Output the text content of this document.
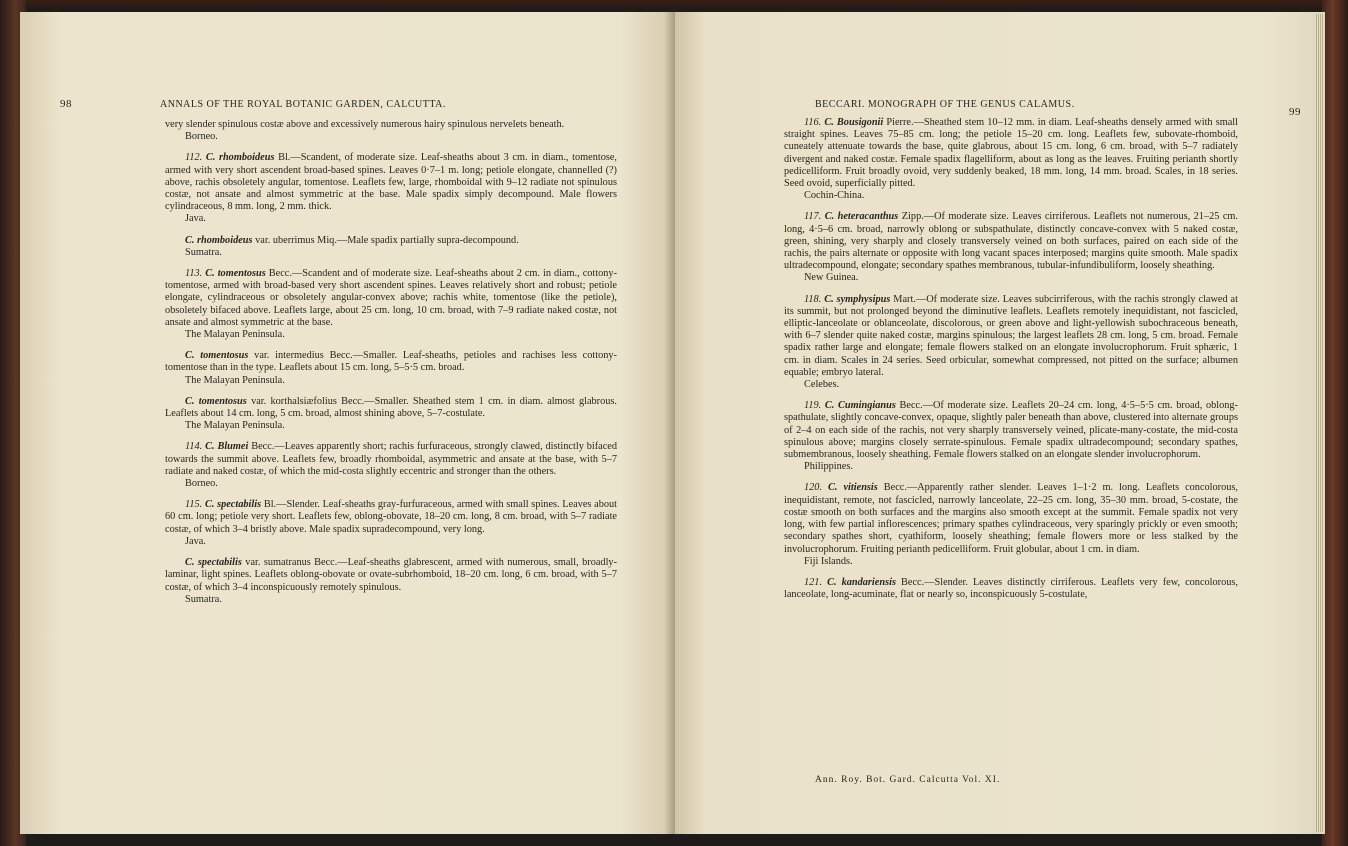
98	ANNALS OF THE ROYAL BOTANIC GARDEN, CALCUTTA.

very slender spinulous costæ above and excessively numerous hairy spinulous nervelets beneath.

Borneo.

112. C. rhomboideus Bl.—Scandent, of moderate size. Leaf-sheaths about 3 cm. in diam., tomentose, armed with very short ascendent broad-based spines. Leaves 0·7–1 m. long; petiole elongate, channelled (?) above, rachis obsoletely angular, tomentose. Leaflets few, large, rhomboidal with 9–12 radiate not spinulous costæ, not ansate and almost symmetric at the base. Male spadix simply decompound. Male flowers cylindraceous, 8 mm. long, 2 mm. thick.

Java.

C. rhomboideus var. uberrimus Miq.—Male spadix partially supra-decompound.

Sumatra.

113. C. tomentosus Becc.—Scandent and of moderate size. Leaf-sheaths about 2 cm. in diam., cottony-tomentose, armed with broad-based very short ascendent spines. Leaves relatively short and robust; petiole elongate, cylindraceous or obsoletely angular-convex above; rachis white, tomentose (like the petiole), obsoletely bifaced above. Leaflets large, about 25 cm. long, 10 cm. broad, with 7–9 radiate naked costæ, not ansate and almost symmetric at the base.

The Malayan Peninsula.

C. tomentosus var. intermedius Becc.—Smaller. Leaf-sheaths, petioles and rachises less cottony-tomentose than in the type. Leaflets about 15 cm. long, 5–5·5 cm. broad.

The Malayan Peninsula.

C. tomentosus var. korthalsiæfolius Becc.—Smaller. Sheathed stem 1 cm. in diam. almost glabrous. Leaflets about 14 cm. long, 5 cm. broad, almost shining above, 5–7-costulate.

The Malayan Peninsula.

114. C. Blumei Becc.—Leaves apparently short; rachis furfuraceous, strongly clawed, distinctly bifaced towards the summit above. Leaflets few, broadly rhomboidal, asymmetric and ansate at the base, with 5–7 radiate and naked costæ, of which the mid-costa slightly eccentric and stronger than the others.

Borneo.

115. C. spectabilis Bl.—Slender. Leaf-sheaths gray-furfuraceous, armed with small spines. Leaves about 60 cm. long; petiole very short. Leaflets few, oblong-obovate, 18–20 cm. long, 8 cm. broad, with 5–7 radiate costæ, of which 3–4 bristly above. Male spadix supradecompound, very long.

Java.

C. spectabilis var. sumatranus Becc.—Leaf-sheaths glabrescent, armed with numerous, small, broadly-laminar, light spines. Leaflets oblong-obovate or ovate-subrhomboid, 18–20 cm. long, 6 cm. broad, with 5–7 costæ, of which 3–4 inconspicuously remotely spinulous.

Sumatra.

BECCARI. MONOGRAPH OF THE GENUS CALAMUS.
99

116. C. Bousigonii Pierre.—Sheathed stem 10–12 mm. in diam. Leaf-sheaths densely armed with small straight spines. Leaves 75–85 cm. long; the petiole 15–20 cm. long. Leaflets few, subovate-rhomboid, cuneately attenuate towards the base, quite glabrous, about 15 cm. long, 6 cm. broad, with 5–7 radiately divergent and naked costæ. Female spadix flagelliform, about as long as the leaves. Fruiting perianth shortly pedicelliform. Fruit broadly ovoid, very suddenly beaked, 18 mm. long, 14 mm. broad. Scales, in 18 series. Seed ovoid, superficially pitted.

Cochin-China.

117. C. heteracanthus Zipp.—Of moderate size. Leaves cirriferous. Leaflets not numerous, 21–25 cm. long, 4·5–6 cm. broad, narrowly oblong or subspathulate, distinctly concave-convex with 5 naked costæ, green, shining, very sharply and closely transversely veined on both surfaces, paired on each side of the rachis, the pairs alternate or opposite with long vacant spaces interposed; margins quite smooth. Male spadix ultradecompound, elongate; secondary spathes membranous, tubular-infundibuliform, loosely sheathing.

New Guinea.

118. C. symphysipus Mart.—Of moderate size. Leaves subcirriferous, with the rachis strongly clawed at its summit, but not prolonged beyond the diminutive leaflets. Leaflets remotely inequidistant, not fascicled, elliptic-lanceolate or oblanceolate, discolorous, or green above and light-yellowish subochraceous beneath, with 6–7 slender quite naked costæ, margins spinulous; the largest leaflets 28 cm. long, 5 cm. broad. Female spadix rather large and elongate; female flowers stalked on an elongate involucrophorum. Fruit sphæric, 1 cm. in diam. Scales in 24 series. Seed orbicular, somewhat compressed, not pitted on the surface; albumen equable; embryo lateral.

Celebes.

119. C. Cumingianus Becc.—Of moderate size. Leaflets 20–24 cm. long, 4·5–5·5 cm. broad, oblong-spathulate, slightly concave-convex, opaque, slightly paler beneath than above, clustered into alternate groups of 2–4 on each side of the rachis, not very sharply transversely veined, plicate-many-costate, the mid-costa spinulous above; margins closely serrate-spinulous. Female spadix ultradecompound; secondary spathes, submembranous, loosely sheathing. Female flowers stalked on an elongate slender involucrophorum.

Philippines.

120. C. vitiensis Becc.—Apparently rather slender. Leaves 1–1·2 m. long. Leaflets concolorous, inequidistant, remote, not fascicled, narrowly lanceolate, 22–25 cm. long, 35–30 mm. broad, 5-costate, the costæ smooth on both surfaces and the margins also smooth except at the summit. Female spadix not very long, with few partial inflorescences; primary spathes cylindraceous, very sparingly prickly or even smooth; secondary spathes short, cyathiform, loosely sheathing; female flowers more or less stalked by the involucrophorum. Fruiting perianth pedicelliform. Fruit globular, about 1 cm. in diam.

Fiji Islands.

121. C. kandariensis Becc.—Slender. Leaves distinctly cirriferous. Leaflets very few, concolorous, lanceolate, long-acuminate, flat or nearly so, inconspicuously 5-costulate,

Ann. Roy. Bot. Gard. Calcutta Vol. XI.
